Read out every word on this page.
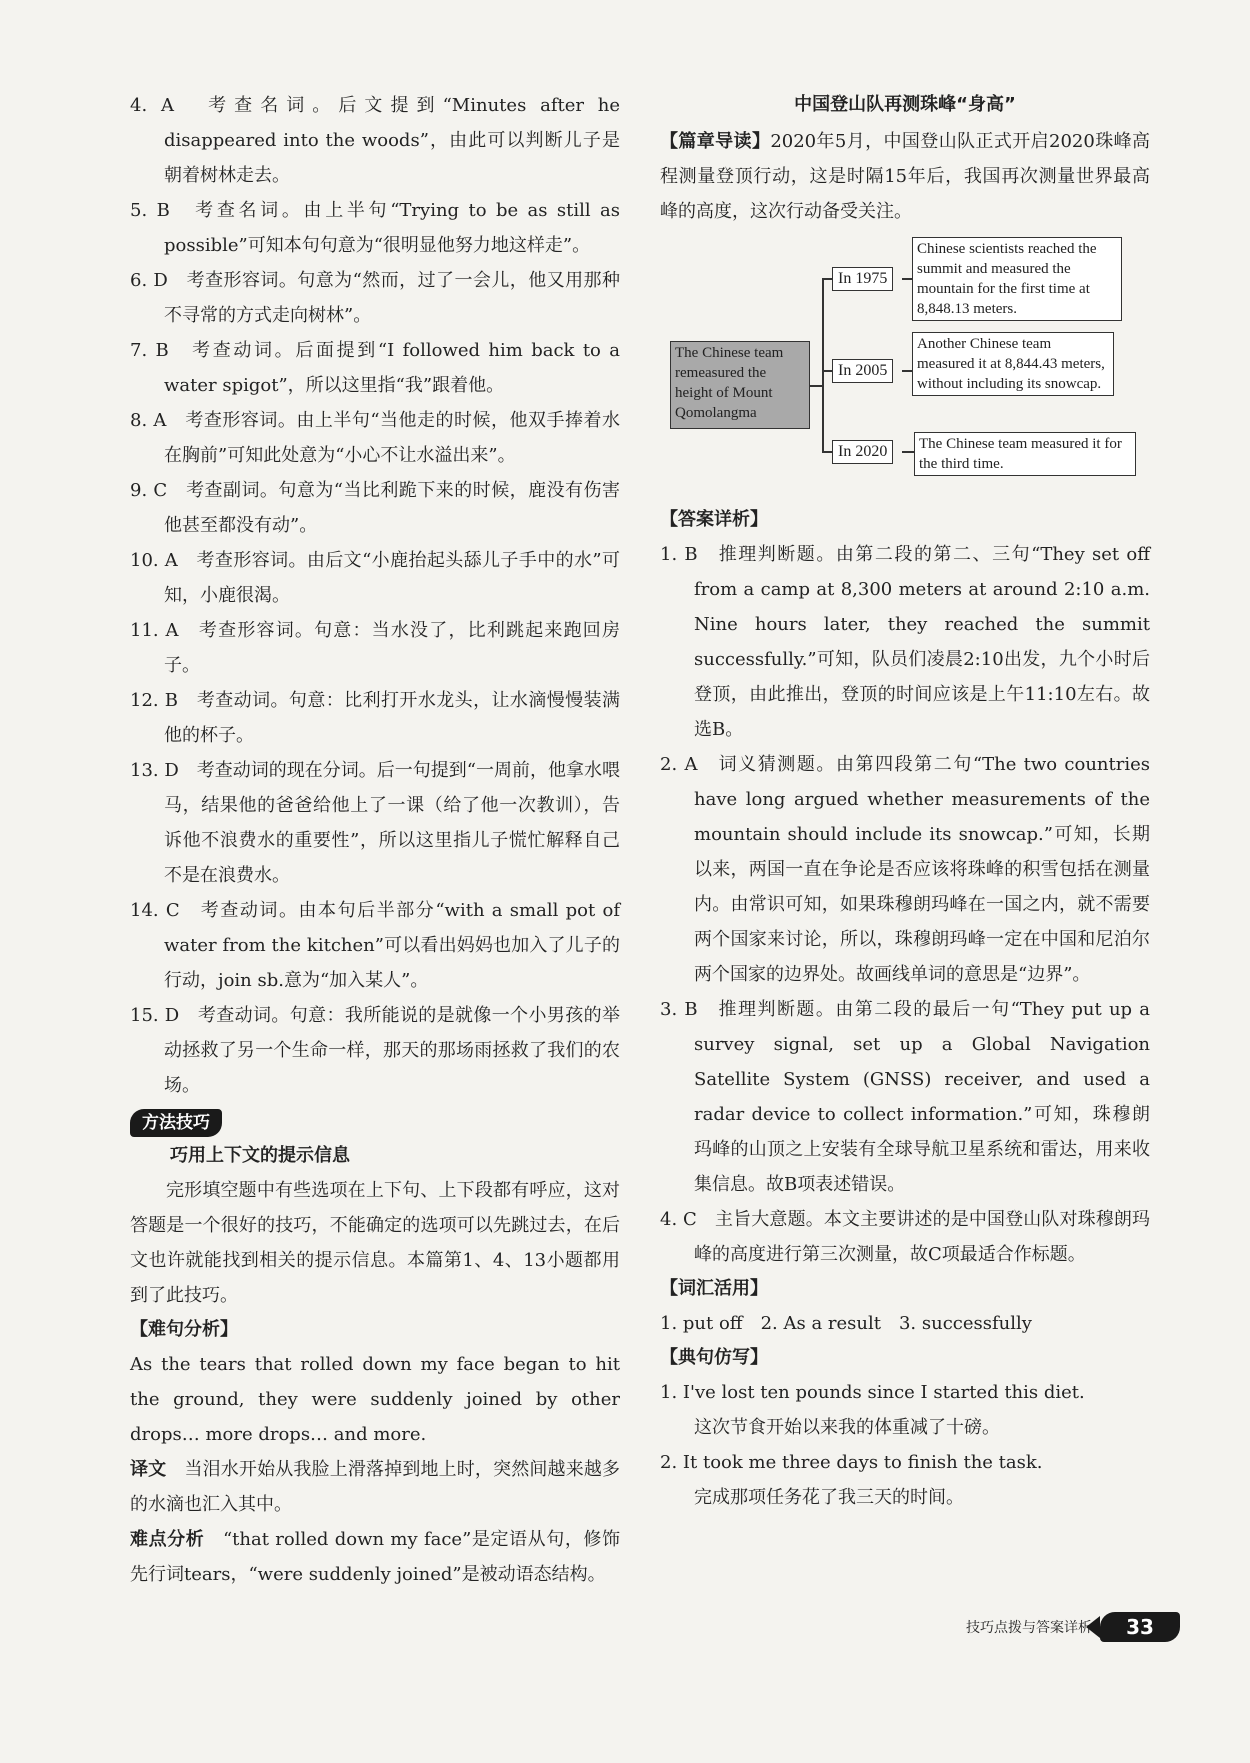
4. A　考查名词。后文提到“Minutes after he disappeared into the woods”，由此可以判断儿子是朝着树林走去。
5. B　考查名词。由上半句“Trying to be as still as possible”可知本句句意为“很明显他努力地这样走”。
6. D　考查形容词。句意为“然而，过了一会儿，他又用那种不寻常的方式走向树林”。
7. B　考查动词。后面提到“I followed him back to a water spigot”，所以这里指“我”跟着他。
8. A　考查形容词。由上半句“当他走的时候，他双手捧着水在胸前”可知此处意为“小心不让水溢出来”。
9. C　考查副词。句意为“当比利跪下来的时候，鹿没有伤害他甚至都没有动”。
10. A　考查形容词。由后文“小鹿抬起头舔儿子手中的水”可知，小鹿很渴。
11. A　考查形容词。句意：当水没了，比利跳起来跑回房子。
12. B　考查动词。句意：比利打开水龙头，让水滴慢慢装满他的杯子。
13. D　考查动词的现在分词。后一句提到“一周前，他拿水喂马，结果他的爸爸给他上了一课（给了他一次教训），告诉他不浪费水的重要性”，所以这里指儿子慌忙解释自己不是在浪费水。
14. C　考查动词。由本句后半部分“with a small pot of water from the kitchen”可以看出妈妈也加入了儿子的行动，join sb.意为“加入某人”。
15. D　考查动词。句意：我所能说的是就像一个小男孩的举动拯救了另一个生命一样，那天的那场雨拯救了我们的农场。
方法技巧
巧用上下文的提示信息

完形填空题中有些选项在上下句、上下段都有呼应，这对答题是一个很好的技巧，不能确定的选项可以先跳过去，在后文也许就能找到相关的提示信息。本篇第1、4、13小题都用到了此技巧。

【难句分析】

As the tears that rolled down my face began to hit the ground, they were suddenly joined by other drops… more drops… and more.

译文　 当泪水开始从我脸上滑落掉到地上时，突然间越来越多的水滴也汇入其中。

难点分析　 “that rolled down my face”是定语从句，修饰先行词tears，“were suddenly joined”是被动语态结构。

中国登山队再测珠峰“身高”

【篇章导读】2020年5月，中国登山队正式开启2020珠峰高程测量登顶行动，这是时隔15年后，我国再次测量世界最高峰的高度，这次行动备受关注。

The Chinese team remeasured the height of Mount Qomolangma
In 1975
In 2005
In 2020
Chinese scientists reached the summit and measured the mountain for the first time at 8,848.13 meters.
Another Chinese team measured it at 8,844.43 meters, without including its snowcap.
The Chinese team measured it for the third time.
【答案详析】
1. B　推理判断题。由第二段的第二、三句“They set off from a camp at 8,300 meters at around 2:10 a.m. Nine hours later, they reached the summit successfully.”可知，队员们凌晨2:10出发，九个小时后登顶，由此推出，登顶的时间应该是上午11:10左右。故选B。
2. A　词义猜测题。由第四段第二句“The two countries have long argued whether measurements of the mountain should include its snowcap.”可知，长期以来，两国一直在争论是否应该将珠峰的积雪包括在测量内。由常识可知，如果珠穆朗玛峰在一国之内，就不需要两个国家来讨论，所以，珠穆朗玛峰一定在中国和尼泊尔两个国家的边界处。故画线单词的意思是“边界”。
3. B　推理判断题。由第二段的最后一句“They put up a survey signal, set up a Global Navigation Satellite System (GNSS) receiver, and used a radar device to collect information.”可知，珠穆朗玛峰的山顶之上安装有全球导航卫星系统和雷达，用来收集信息。故B项表述错误。
4. C　主旨大意题。本文主要讲述的是中国登山队对珠穆朗玛峰的高度进行第三次测量，故C项最适合作标题。
【词汇活用】

1. put off　2. As a result　3. successfully

【典句仿写】

1. I've lost ten pounds since I started this diet.

这次节食开始以来我的体重减了十磅。

2. It took me three days to finish the task.

完成那项任务花了我三天的时间。

技巧点拨与答案详析	33
